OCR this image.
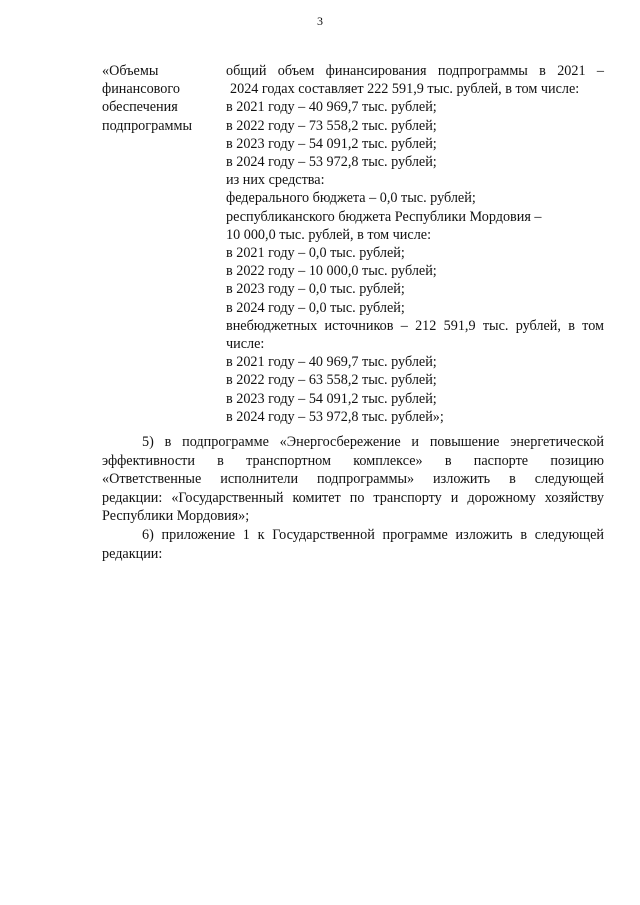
3
«Объемы
финансового
обеспечения
подпрограммы
общий объем финансирования подпрограммы в 2021 –
2024 годах составляет 222 591,9 тыс. рублей, в том числе:
в 2021 году – 40 969,7 тыс. рублей;
в 2022 году – 73 558,2 тыс. рублей;
в 2023 году – 54 091,2 тыс. рублей;
в 2024 году – 53 972,8 тыс. рублей;
из них средства:
федерального бюджета – 0,0 тыс. рублей;
республиканского бюджета Республики Мордовия –
10 000,0 тыс. рублей, в том числе:
в 2021 году – 0,0 тыс. рублей;
в 2022 году – 10 000,0 тыс. рублей;
в 2023 году – 0,0 тыс. рублей;
в 2024 году – 0,0 тыс. рублей;
внебюджетных источников – 212 591,9 тыс. рублей, в том
числе:
в 2021 году – 40 969,7 тыс. рублей;
в 2022 году – 63 558,2 тыс. рублей;
в 2023 году – 54 091,2 тыс. рублей;
в 2024 году – 53 972,8 тыс. рублей»;
5) в подпрограмме «Энергосбережение и повышение энергетической
эффективности в транспортном комплексе» в паспорте позицию
«Ответственные исполнители подпрограммы» изложить в следующей
редакции: «Государственный комитет по транспорту и дорожному хозяйству
Республики Мордовия»;
6) приложение 1 к Государственной программе изложить в следующей
редакции:
